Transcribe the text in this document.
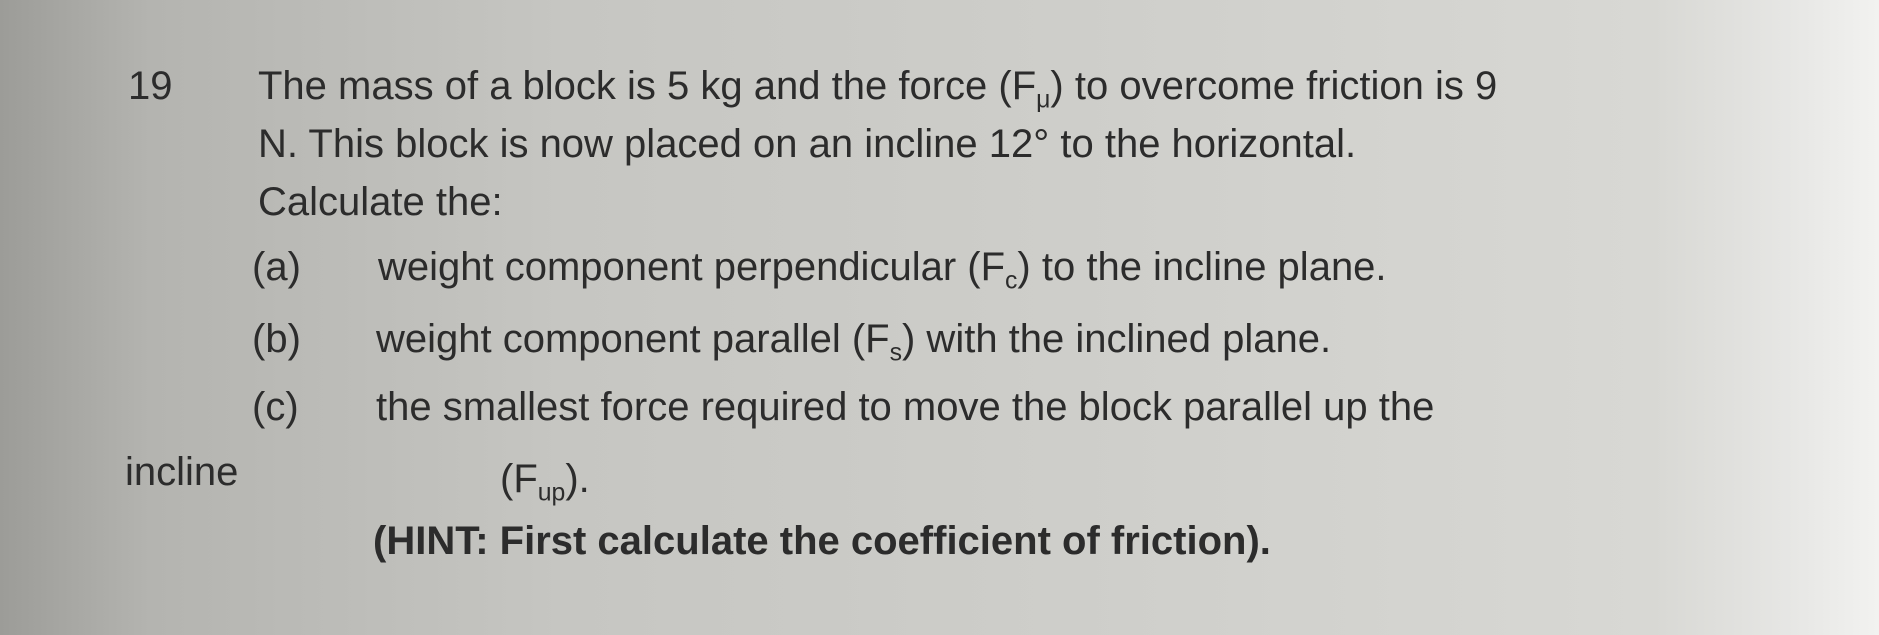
19 The mass of a block is 5 kg and the force $(F_\mu)$ to overcome friction is 9
N. This block is now placed on an incline 12° to the horizontal.
Calculate the:
(a) weight component perpendicular $(F_c)$ to the incline plane.
(b) weight component parallel $(F_s)$ with the inclined plane.
(c) the smallest force required to move the block parallel up the
incline	$(F_{up})$.
(HINT: First calculate the coefficient of friction).
